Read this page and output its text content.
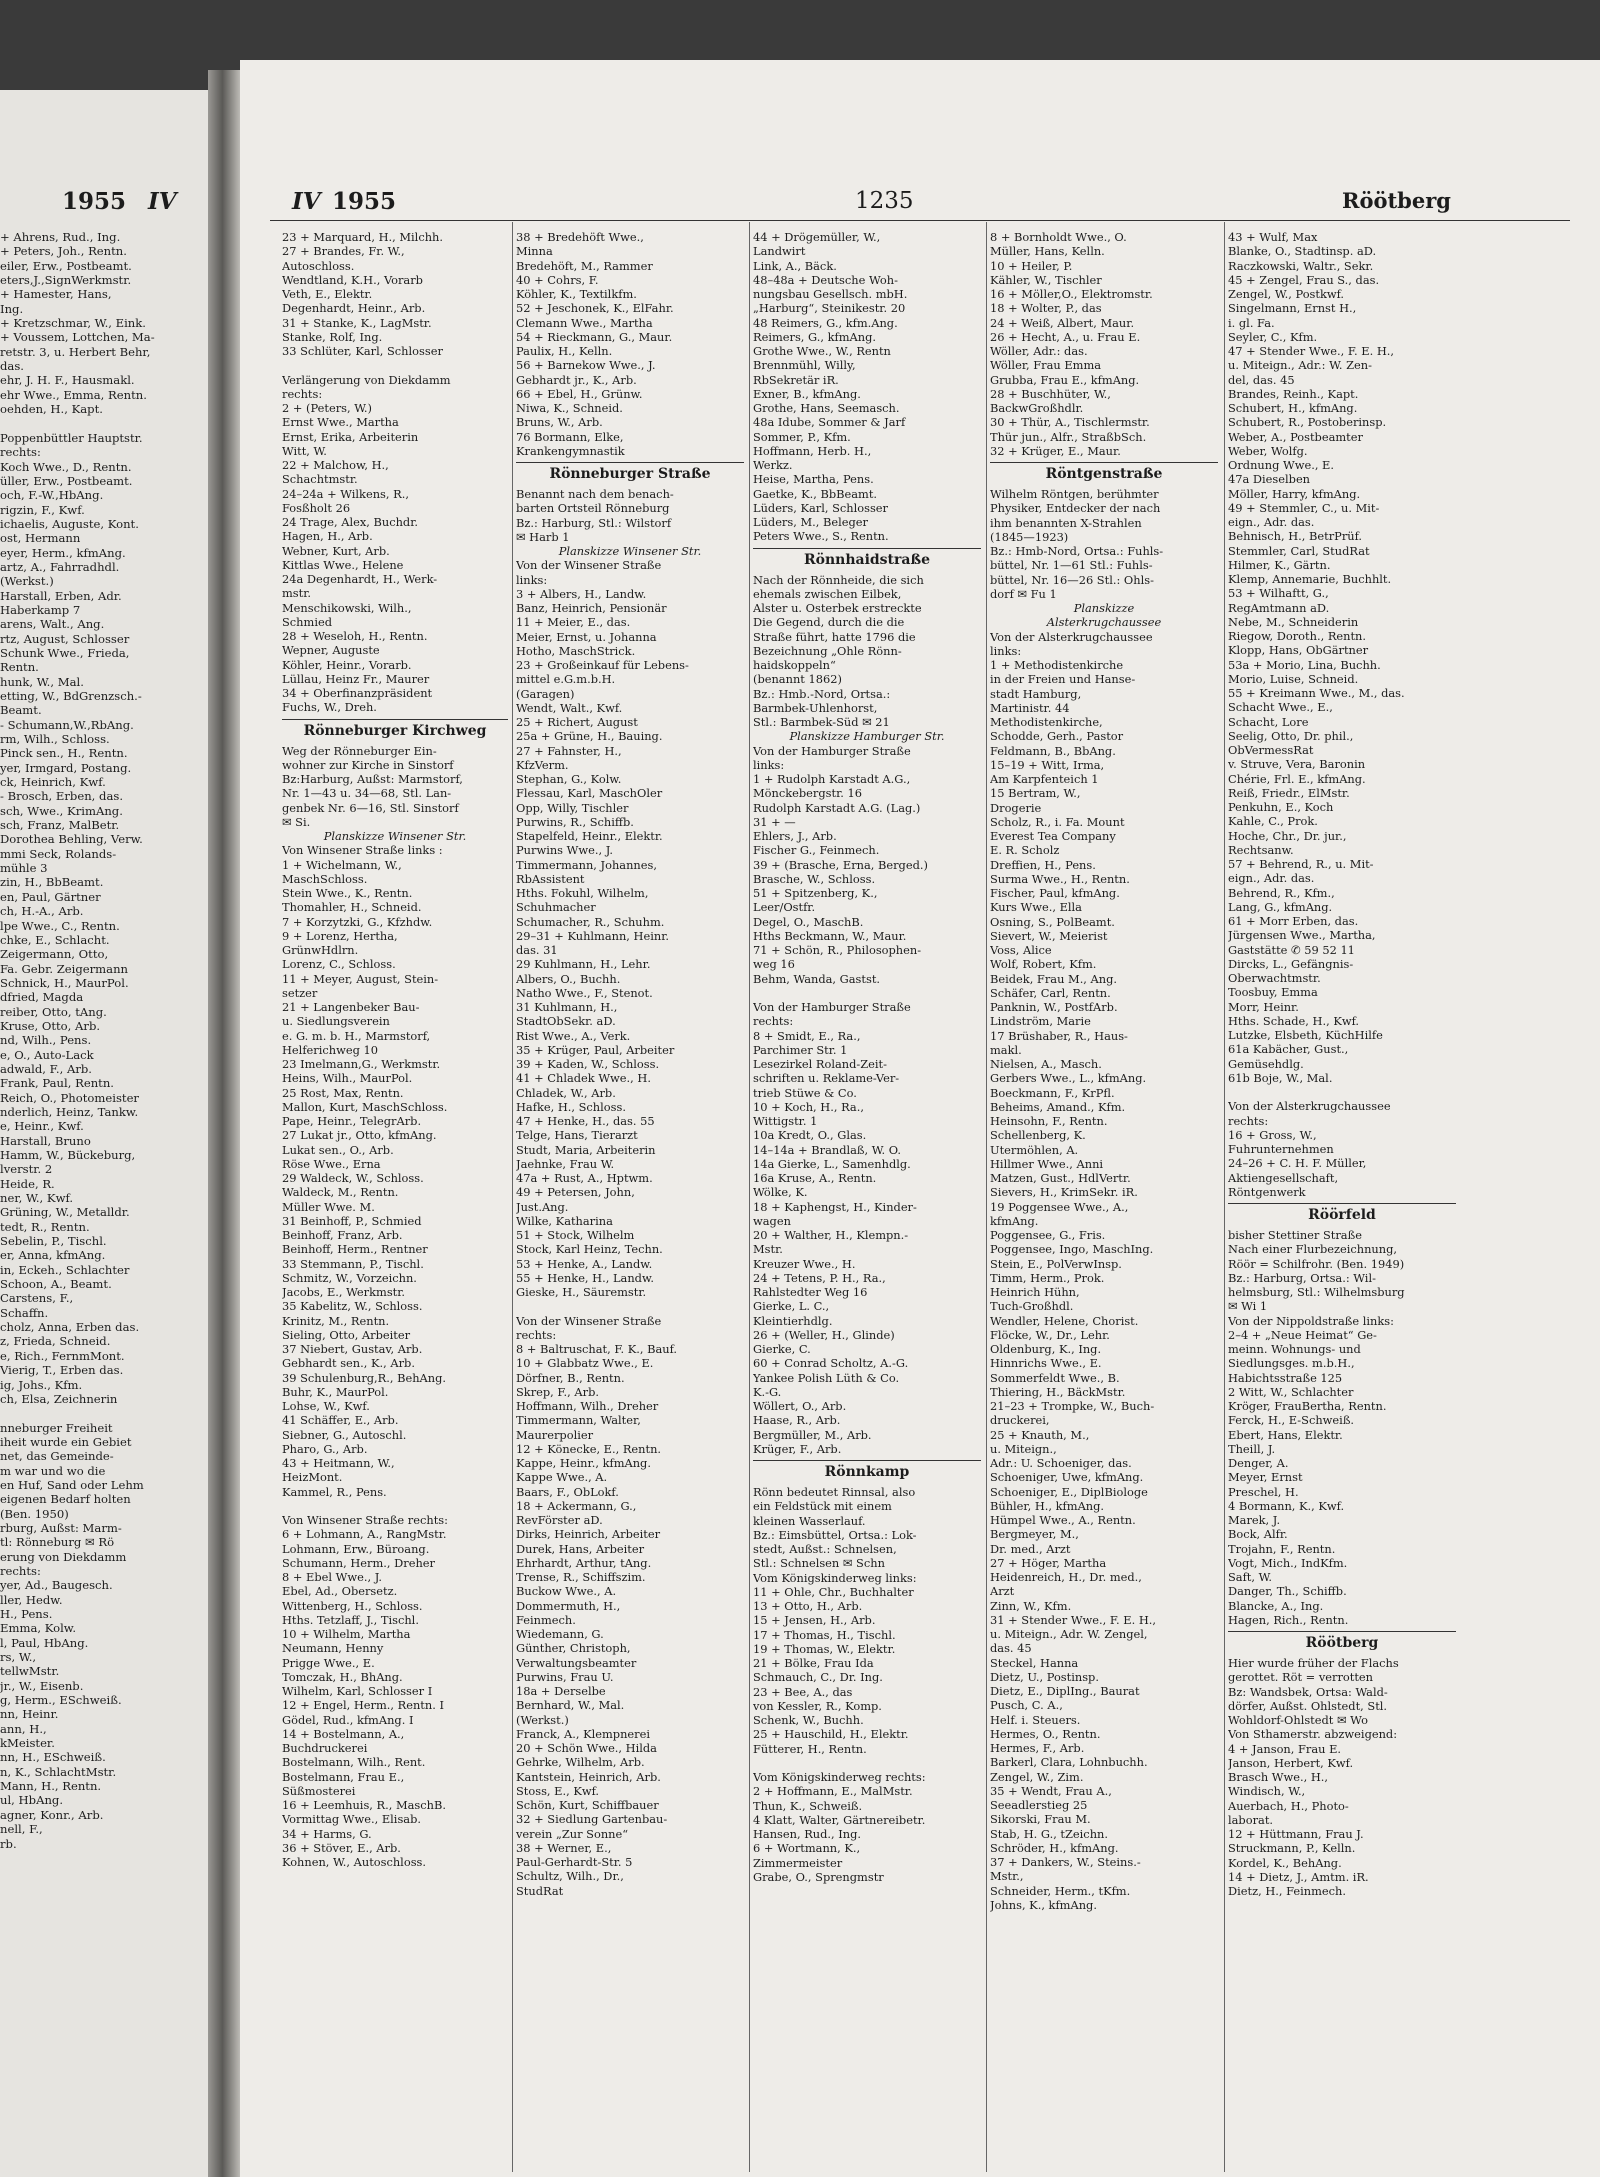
1955 IV
+ Ahrens, Rud., Ing.
+ Peters, Joh., Rentn.
eiler, Erw., Postbeamt.
eters,J.,SignWerkmstr.
+ Hamester, Hans,
Ing.
+ Kretzschmar, W., Eink.
+ Voussem, Lottchen, Ma-
retstr. 3, u. Herbert Behr,
das.
ehr, J. H. F., Hausmakl.
ehr Wwe., Emma, Rentn.
oehden, H., Kapt.
Poppenbüttler Hauptstr.
rechts:
Koch Wwe., D., Rentn.
üller, Erw., Postbeamt.
och, F.-W.,HbAng.
rigzin, F., Kwf.
ichaelis, Auguste, Kont.
ost, Hermann
eyer, Herm., kfmAng.
artz, A., Fahrradhdl.
(Werkst.)
Harstall, Erben, Adr.
Haberkamp 7
arens, Walt., Ang.
rtz, August, Schlosser
Schunk Wwe., Frieda,
Rentn.
hunk, W., Mal.
etting, W., BdGrenzsch.-
Beamt.
- Schumann,W.,RbAng.
rm, Wilh., Schloss.
Pinck sen., H., Rentn.
yer, Irmgard, Postang.
ck, Heinrich, Kwf.
- Brosch, Erben, das.
sch, Wwe., KrimAng.
sch, Franz, MalBetr.
Dorothea Behling, Verw.
mmi Seck, Rolands-
mühle 3
zin, H., BbBeamt.
en, Paul, Gärtner
ch, H.-A., Arb.
lpe Wwe., C., Rentn.
chke, E., Schlacht.
Zeigermann, Otto,
Fa. Gebr. Zeigermann
Schnick, H., MaurPol.
dfried, Magda
reiber, Otto, tAng.
Kruse, Otto, Arb.
nd, Wilh., Pens.
e, O., Auto-Lack
adwald, F., Arb.
Frank, Paul, Rentn.
Reich, O., Photomeister
nderlich, Heinz, Tankw.
e, Heinr., Kwf.
Harstall, Bruno
Hamm, W., Bückeburg,
lverstr. 2
Heide, R.
ner, W., Kwf.
Grüning, W., Metalldr.
tedt, R., Rentn.
Sebelin, P., Tischl.
er, Anna, kfmAng.
in, Eckeh., Schlachter
Schoon, A., Beamt.
Carstens, F.,
Schaffn.
cholz, Anna, Erben das.
z, Frieda, Schneid.
e, Rich., FernmMont.
Vierig, T., Erben das.
ig, Johs., Kfm.
ch, Elsa, Zeichnerin
nneburger Freiheit
iheit wurde ein Gebiet
net, das Gemeinde-
m war und wo die
en Huf, Sand oder Lehm
eigenen Bedarf holten
(Ben. 1950)
rburg, Außst: Marm-
tl: Rönneburg ✉ Rö
erung von Diekdamm
rechts:
yer, Ad., Baugesch.
ller, Hedw.
H., Pens.
Emma, Kolw.
l, Paul, HbAng.
rs, W.,
tellwMstr.
jr., W., Eisenb.
g, Herm., ESchweiß.
nn, Heinr.
ann, H.,
kMeister.
nn, H., ESchweiß.
n, K., SchlachtMstr.
Mann, H., Rentn.
ul, HbAng.
agner, Konr., Arb.
nell, F.,
rb.
IV 1955	1235	Röötberg
23 + Marquard, H., Milchh.
27 + Brandes, Fr. W.,
Autoschloss.
Wendtland, K.H., Vorarb
Veth, E., Elektr.
Degenhardt, Heinr., Arb.
31 + Stanke, K., LagMstr.
Stanke, Rolf, Ing.
33 Schlüter, Karl, Schlosser
Verlängerung von Diekdamm
rechts:
2 + (Peters, W.)
Ernst Wwe., Martha
Ernst, Erika, Arbeiterin
Witt, W.
22 + Malchow, H.,
Schachtmstr.
24–24a + Wilkens, R.,
Fosßholt 26
24 Trage, Alex, Buchdr.
Hagen, H., Arb.
Webner, Kurt, Arb.
Kittlas Wwe., Helene
24a Degenhardt, H., Werk-
mstr.
Menschikowski, Wilh.,
Schmied
28 + Weseloh, H., Rentn.
Wepner, Auguste
Köhler, Heinr., Vorarb.
Lüllau, Heinz Fr., Maurer
34 + Oberfinanzpräsident
Fuchs, W., Dreh.
Rönneburger Kirchweg
Weg der Rönneburger Ein-
wohner zur Kirche in Sinstorf
Bz:Harburg, Außst: Marmstorf,
Nr. 1—43 u. 34—68, Stl. Lan-
genbek Nr. 6—16, Stl. Sinstorf
✉ Si.
Planskizze Winsener Str.
Von Winsener Straße links :
1 + Wichelmann, W.,
MaschSchloss.
Stein Wwe., K., Rentn.
Thomahler, H., Schneid.
7 + Korzytzki, G., Kfzhdw.
9 + Lorenz, Hertha,
GrünwHdlrn.
Lorenz, C., Schloss.
11 + Meyer, August, Stein-
setzer
21 + Langenbeker Bau-
u. Siedlungsverein
e. G. m. b. H., Marmstorf,
Helferichweg 10
23 Imelmann,G., Werkmstr.
Heins, Wilh., MaurPol.
25 Rost, Max, Rentn.
Mallon, Kurt, MaschSchloss.
Pape, Heinr., TelegrArb.
27 Lukat jr., Otto, kfmAng.
Lukat sen., O., Arb.
Röse Wwe., Erna
29 Waldeck, W., Schloss.
Waldeck, M., Rentn.
Müller Wwe. M.
31 Beinhoff, P., Schmied
Beinhoff, Franz, Arb.
Beinhoff, Herm., Rentner
33 Stemmann, P., Tischl.
Schmitz, W., Vorzeichn.
Jacobs, E., Werkmstr.
35 Kabelitz, W., Schloss.
Krinitz, M., Rentn.
Sieling, Otto, Arbeiter
37 Niebert, Gustav, Arb.
Gebhardt sen., K., Arb.
39 Schulenburg,R., BehAng.
Buhr, K., MaurPol.
Lohse, W., Kwf.
41 Schäffer, E., Arb.
Siebner, G., Autoschl.
Pharo, G., Arb.
43 + Heitmann, W.,
HeizMont.
Kammel, R., Pens.
Von Winsener Straße rechts:
6 + Lohmann, A., RangMstr.
Lohmann, Erw., Büroang.
Schumann, Herm., Dreher
8 + Ebel Wwe., J.
Ebel, Ad., Obersetz.
Wittenberg, H., Schloss.
Hths. Tetzlaff, J., Tischl.
10 + Wilhelm, Martha
Neumann, Henny
Prigge Wwe., E.
Tomczak, H., BhAng.
Wilhelm, Karl, Schlosser I
12 + Engel, Herm., Rentn. I
Gödel, Rud., kfmAng. I
14 + Bostelmann, A.,
Buchdruckerei
Bostelmann, Wilh., Rent.
Bostelmann, Frau E.,
Süßmosterei
16 + Leemhuis, R., MaschB.
Vormittag Wwe., Elisab.
34 + Harms, G.
36 + Stöver, E., Arb.
Kohnen, W., Autoschloss.
38 + Bredehöft Wwe.,
Minna
Bredehöft, M., Rammer
40 + Cohrs, F.
Köhler, K., Textilkfm.
52 + Jeschonek, K., ElFahr.
Clemann Wwe., Martha
54 + Rieckmann, G., Maur.
Paulix, H., Kelln.
56 + Barnekow Wwe., J.
Gebhardt jr., K., Arb.
66 + Ebel, H., Grünw.
Niwa, K., Schneid.
Bruns, W., Arb.
76 Bormann, Elke,
Krankengymnastik
Rönneburger Straße
Benannt nach dem benach-
barten Ortsteil Rönneburg
Bz.: Harburg, Stl.: Wilstorf
✉ Harb 1
Planskizze Winsener Str.
Von der Winsener Straße
links:
3 + Albers, H., Landw.
Banz, Heinrich, Pensionär
11 + Meier, E., das.
Meier, Ernst, u. Johanna
Hotho, MaschStrick.
23 + Großeinkauf für Lebens-
mittel e.G.m.b.H.
(Garagen)
Wendt, Walt., Kwf.
25 + Richert, August
25a + Grüne, H., Bauing.
27 + Fahnster, H.,
KfzVerm.
Stephan, G., Kolw.
Flessau, Karl, MaschOler
Opp, Willy, Tischler
Purwins, R., Schiffb.
Stapelfeld, Heinr., Elektr.
Purwins Wwe., J.
Timmermann, Johannes,
RbAssistent
Hths. Fokuhl, Wilhelm,
Schuhmacher
Schumacher, R., Schuhm.
29–31 + Kuhlmann, Heinr.
das. 31
29 Kuhlmann, H., Lehr.
Albers, O., Buchh.
Natho Wwe., F., Stenot.
31 Kuhlmann, H.,
StadtObSekr. aD.
Rist Wwe., A., Verk.
35 + Krüger, Paul, Arbeiter
39 + Kaden, W., Schloss.
41 + Chladek Wwe., H.
Chladek, W., Arb.
Hafke, H., Schloss.
47 + Henke, H., das. 55
Telge, Hans, Tierarzt
Studt, Maria, Arbeiterin
Jaehnke, Frau W.
47a + Rust, A., Hptwm.
49 + Petersen, John,
Just.Ang.
Wilke, Katharina
51 + Stock, Wilhelm
Stock, Karl Heinz, Techn.
53 + Henke, A., Landw.
55 + Henke, H., Landw.
Gieske, H., Säuremstr.
Von der Winsener Straße
rechts:
8 + Baltruschat, F. K., Bauf.
10 + Glabbatz Wwe., E.
Dörfner, B., Rentn.
Skrep, F., Arb.
Hoffmann, Wilh., Dreher
Timmermann, Walter,
Maurerpolier
12 + Könecke, E., Rentn.
Kappe, Heinr., kfmAng.
Kappe Wwe., A.
Baars, F., ObLokf.
18 + Ackermann, G.,
RevFörster aD.
Dirks, Heinrich, Arbeiter
Durek, Hans, Arbeiter
Ehrhardt, Arthur, tAng.
Trense, R., Schiffszim.
Buckow Wwe., A.
Dommermuth, H.,
Feinmech.
Wiedemann, G.
Günther, Christoph,
Verwaltungsbeamter
Purwins, Frau U.
18a + Derselbe
Bernhard, W., Mal.
(Werkst.)
Franck, A., Klempnerei
20 + Schön Wwe., Hilda
Gehrke, Wilhelm, Arb.
Kantstein, Heinrich, Arb.
Stoss, E., Kwf.
Schön, Kurt, Schiffbauer
32 + Siedlung Gartenbau-
verein „Zur Sonne“
38 + Werner, E.,
Paul-Gerhardt-Str. 5
Schultz, Wilh., Dr.,
StudRat
44 + Drögemüller, W.,
Landwirt
Link, A., Bäck.
48–48a + Deutsche Woh-
nungsbau Gesellsch. mbH.
„Harburg“, Steinikestr. 20
48 Reimers, G., kfm.Ang.
Reimers, G., kfmAng.
Grothe Wwe., W., Rentn
Brennmühl, Willy,
RbSekretär iR.
Exner, B., kfmAng.
Grothe, Hans, Seemasch.
48a Idube, Sommer & Jarf
Sommer, P., Kfm.
Hoffmann, Herb. H.,
Werkz.
Heise, Martha, Pens.
Gaetke, K., BbBeamt.
Lüders, Karl, Schlosser
Lüders, M., Beleger
Peters Wwe., S., Rentn.
Rönnhaidstraße
Nach der Rönnheide, die sich
ehemals zwischen Eilbek,
Alster u. Osterbek erstreckte
Die Gegend, durch die die
Straße führt, hatte 1796 die
Bezeichnung „Ohle Rönn-
haidskoppeln“
(benannt 1862)
Bz.: Hmb.-Nord, Ortsa.:
Barmbek-Uhlenhorst,
Stl.: Barmbek-Süd ✉ 21
Planskizze Hamburger Str.
Von der Hamburger Straße
links:
1 + Rudolph Karstadt A.G.,
Mönckebergstr. 16
Rudolph Karstadt A.G. (Lag.)
31 + —
Ehlers, J., Arb.
Fischer G., Feinmech.
39 + (Brasche, Erna, Berged.)
Brasche, W., Schloss.
51 + Spitzenberg, K.,
Leer/Ostfr.
Degel, O., MaschB.
Hths Beckmann, W., Maur.
71 + Schön, R., Philosophen-
weg 16
Behm, Wanda, Gastst.
Von der Hamburger Straße
rechts:
8 + Smidt, E., Ra.,
Parchimer Str. 1
Lesezirkel Roland-Zeit-
schriften u. Reklame-Ver-
trieb Stüwe & Co.
10 + Koch, H., Ra.,
Wittigstr. 1
10a Kredt, O., Glas.
14–14a + Brandlaß, W. O.
14a Gierke, L., Samenhdlg.
16a Kruse, A., Rentn.
Wölke, K.
18 + Kaphengst, H., Kinder-
wagen
20 + Walther, H., Klempn.-
Mstr.
Kreuzer Wwe., H.
24 + Tetens, P. H., Ra.,
Rahlstedter Weg 16
Gierke, L. C.,
Kleintierhdlg.
26 + (Weller, H., Glinde)
Gierke, C.
60 + Conrad Scholtz, A.-G.
Yankee Polish Lüth & Co.
K.-G.
Wöllert, O., Arb.
Haase, R., Arb.
Bergmüller, M., Arb.
Krüger, F., Arb.
Rönnkamp
Rönn bedeutet Rinnsal, also
ein Feldstück mit einem
kleinen Wasserlauf.
Bz.: Eimsbüttel, Ortsa.: Lok-
stedt, Außst.: Schnelsen,
Stl.: Schnelsen ✉ Schn
Vom Königskinderweg links:
11 + Ohle, Chr., Buchhalter
13 + Otto, H., Arb.
15 + Jensen, H., Arb.
17 + Thomas, H., Tischl.
19 + Thomas, W., Elektr.
21 + Bölke, Frau Ida
Schmauch, C., Dr. Ing.
23 + Bee, A., das
von Kessler, R., Komp.
Schenk, W., Buchh.
25 + Hauschild, H., Elektr.
Fütterer, H., Rentn.
Vom Königskinderweg rechts:
2 + Hoffmann, E., MalMstr.
Thun, K., Schweiß.
4 Klatt, Walter, Gärtnereibetr.
Hansen, Rud., Ing.
6 + Wortmann, K.,
Zimmermeister
Grabe, O., Sprengmstr
8 + Bornholdt Wwe., O.
Müller, Hans, Kelln.
10 + Heiler, P.
Kähler, W., Tischler
16 + Möller,O., Elektromstr.
18 + Wolter, P., das
24 + Weiß, Albert, Maur.
26 + Hecht, A., u. Frau E.
Wöller, Adr.: das.
Wöller, Frau Emma
Grubba, Frau E., kfmAng.
28 + Buschhüter, W.,
BackwGroßhdlr.
30 + Thür, A., Tischlermstr.
Thür jun., Alfr., StraßbSch.
32 + Krüger, E., Maur.
Röntgenstraße
Wilhelm Röntgen, berühmter
Physiker, Entdecker der nach
ihm benannten X-Strahlen
(1845—1923)
Bz.: Hmb-Nord, Ortsa.: Fuhls-
büttel, Nr. 1—61 Stl.: Fuhls-
büttel, Nr. 16—26 Stl.: Ohls-
dorf ✉ Fu 1
Planskizze
Alsterkrugchaussee
Von der Alsterkrugchaussee
links:
1 + Methodistenkirche
in der Freien und Hanse-
stadt Hamburg,
Martinistr. 44
Methodistenkirche,
Schodde, Gerh., Pastor
Feldmann, B., BbAng.
15–19 + Witt, Irma,
Am Karpfenteich 1
15 Bertram, W.,
Drogerie
Scholz, R., i. Fa. Mount
Everest Tea Company
E. R. Scholz
Dreffien, H., Pens.
Surma Wwe., H., Rentn.
Fischer, Paul, kfmAng.
Kurs Wwe., Ella
Osning, S., PolBeamt.
Sievert, W., Meierist
Voss, Alice
Wolf, Robert, Kfm.
Beidek, Frau M., Ang.
Schäfer, Carl, Rentn.
Panknin, W., PostfArb.
Lindström, Marie
17 Brüshaber, R., Haus-
makl.
Nielsen, A., Masch.
Gerbers Wwe., L., kfmAng.
Boeckmann, F., KrPfl.
Beheims, Amand., Kfm.
Heinsohn, F., Rentn.
Schellenberg, K.
Utermöhlen, A.
Hillmer Wwe., Anni
Matzen, Gust., HdlVertr.
Sievers, H., KrimSekr. iR.
19 Poggensee Wwe., A.,
kfmAng.
Poggensee, G., Fris.
Poggensee, Ingo, MaschIng.
Stein, E., PolVerwInsp.
Timm, Herm., Prok.
Heinrich Hühn,
Tuch-Großhdl.
Wendler, Helene, Chorist.
Flöcke, W., Dr., Lehr.
Oldenburg, K., Ing.
Hinnrichs Wwe., E.
Sommerfeldt Wwe., B.
Thiering, H., BäckMstr.
21–23 + Trompke, W., Buch-
druckerei,
25 + Knauth, M.,
u. Miteign.,
Adr.: U. Schoeniger, das.
Schoeniger, Uwe, kfmAng.
Schoeniger, E., DiplBiologe
Bühler, H., kfmAng.
Hümpel Wwe., A., Rentn.
Bergmeyer, M.,
Dr. med., Arzt
27 + Höger, Martha
Heidenreich, H., Dr. med.,
Arzt
Zinn, W., Kfm.
31 + Stender Wwe., F. E. H.,
u. Miteign., Adr. W. Zengel,
das. 45
Steckel, Hanna
Dietz, U., Postinsp.
Dietz, E., DiplIng., Baurat
Pusch, C. A.,
Helf. i. Steuers.
Hermes, O., Rentn.
Hermes, F., Arb.
Barkerl, Clara, Lohnbuchh.
Zengel, W., Zim.
35 + Wendt, Frau A.,
Seeadlerstieg 25
Sikorski, Frau M.
Stab, H. G., tZeichn.
Schröder, H., kfmAng.
37 + Dankers, W., Steins.-
Mstr.,
Schneider, Herm., tKfm.
Johns, K., kfmAng.
43 + Wulf, Max
Blanke, O., Stadtinsp. aD.
Raczkowski, Waltr., Sekr.
45 + Zengel, Frau S., das.
Zengel, W., Postkwf.
Singelmann, Ernst H.,
i. gl. Fa.
Seyler, C., Kfm.
47 + Stender Wwe., F. E. H.,
u. Miteign., Adr.: W. Zen-
del, das. 45
Brandes, Reinh., Kapt.
Schubert, H., kfmAng.
Schubert, R., Postoberinsp.
Weber, A., Postbeamter
Weber, Wolfg.
Ordnung Wwe., E.
47a Dieselben
Möller, Harry, kfmAng.
49 + Stemmler, C., u. Mit-
eign., Adr. das.
Behnisch, H., BetrPrüf.
Stemmler, Carl, StudRat
Hilmer, K., Gärtn.
Klemp, Annemarie, Buchhlt.
53 + Wilhaftt, G.,
RegAmtmann aD.
Nebe, M., Schneiderin
Riegow, Doroth., Rentn.
Klopp, Hans, ObGärtner
53a + Morio, Lina, Buchh.
Morio, Luise, Schneid.
55 + Kreimann Wwe., M., das.
Schacht Wwe., E.,
Schacht, Lore
Seelig, Otto, Dr. phil.,
ObVermessRat
v. Struve, Vera, Baronin
Chérie, Frl. E., kfmAng.
Reiß, Friedr., ElMstr.
Penkuhn, E., Koch
Kahle, C., Prok.
Hoche, Chr., Dr. jur.,
Rechtsanw.
57 + Behrend, R., u. Mit-
eign., Adr. das.
Behrend, R., Kfm.,
Lang, G., kfmAng.
61 + Morr Erben, das.
Jürgensen Wwe., Martha,
Gaststätte ✆ 59 52 11
Dircks, L., Gefängnis-
Oberwachtmstr.
Toosbuy, Emma
Morr, Heinr.
Hths. Schade, H., Kwf.
Lutzke, Elsbeth, KüchHilfe
61a Kabächer, Gust.,
Gemüsehdlg.
61b Boje, W., Mal.
Von der Alsterkrugchaussee
rechts:
16 + Gross, W.,
Fuhrunternehmen
24–26 + C. H. F. Müller,
Aktiengesellschaft,
Röntgenwerk
Röörfeld
bisher Stettiner Straße
Nach einer Flurbezeichnung,
Röör = Schilfrohr. (Ben. 1949)
Bz.: Harburg, Ortsa.: Wil-
helmsburg, Stl.: Wilhelmsburg
✉ Wi 1
Von der Nippoldstraße links:
2–4 + „Neue Heimat“ Ge-
meinn. Wohnungs- und
Siedlungsges. m.b.H.,
Habichtsstraße 125
2 Witt, W., Schlachter
Kröger, FrauBertha, Rentn.
Ferck, H., E-Schweiß.
Ebert, Hans, Elektr.
Theill, J.
Denger, A.
Meyer, Ernst
Preschel, H.
4 Bormann, K., Kwf.
Marek, J.
Bock, Alfr.
Trojahn, F., Rentn.
Vogt, Mich., IndKfm.
Saft, W.
Danger, Th., Schiffb.
Blancke, A., Ing.
Hagen, Rich., Rentn.
Röötberg
Hier wurde früher der Flachs
gerottet. Röt = verrotten
Bz: Wandsbek, Ortsa: Wald-
dörfer, Außst. Ohlstedt, Stl.
Wohldorf-Ohlstedt ✉ Wo
Von Sthamerstr. abzweigend:
4 + Janson, Frau E.
Janson, Herbert, Kwf.
Brasch Wwe., H.,
Windisch, W.,
Auerbach, H., Photo-
laborat.
12 + Hüttmann, Frau J.
Struckmann, P., Kelln.
Kordel, K., BehAng.
14 + Dietz, J., Amtm. iR.
Dietz, H., Feinmech.
